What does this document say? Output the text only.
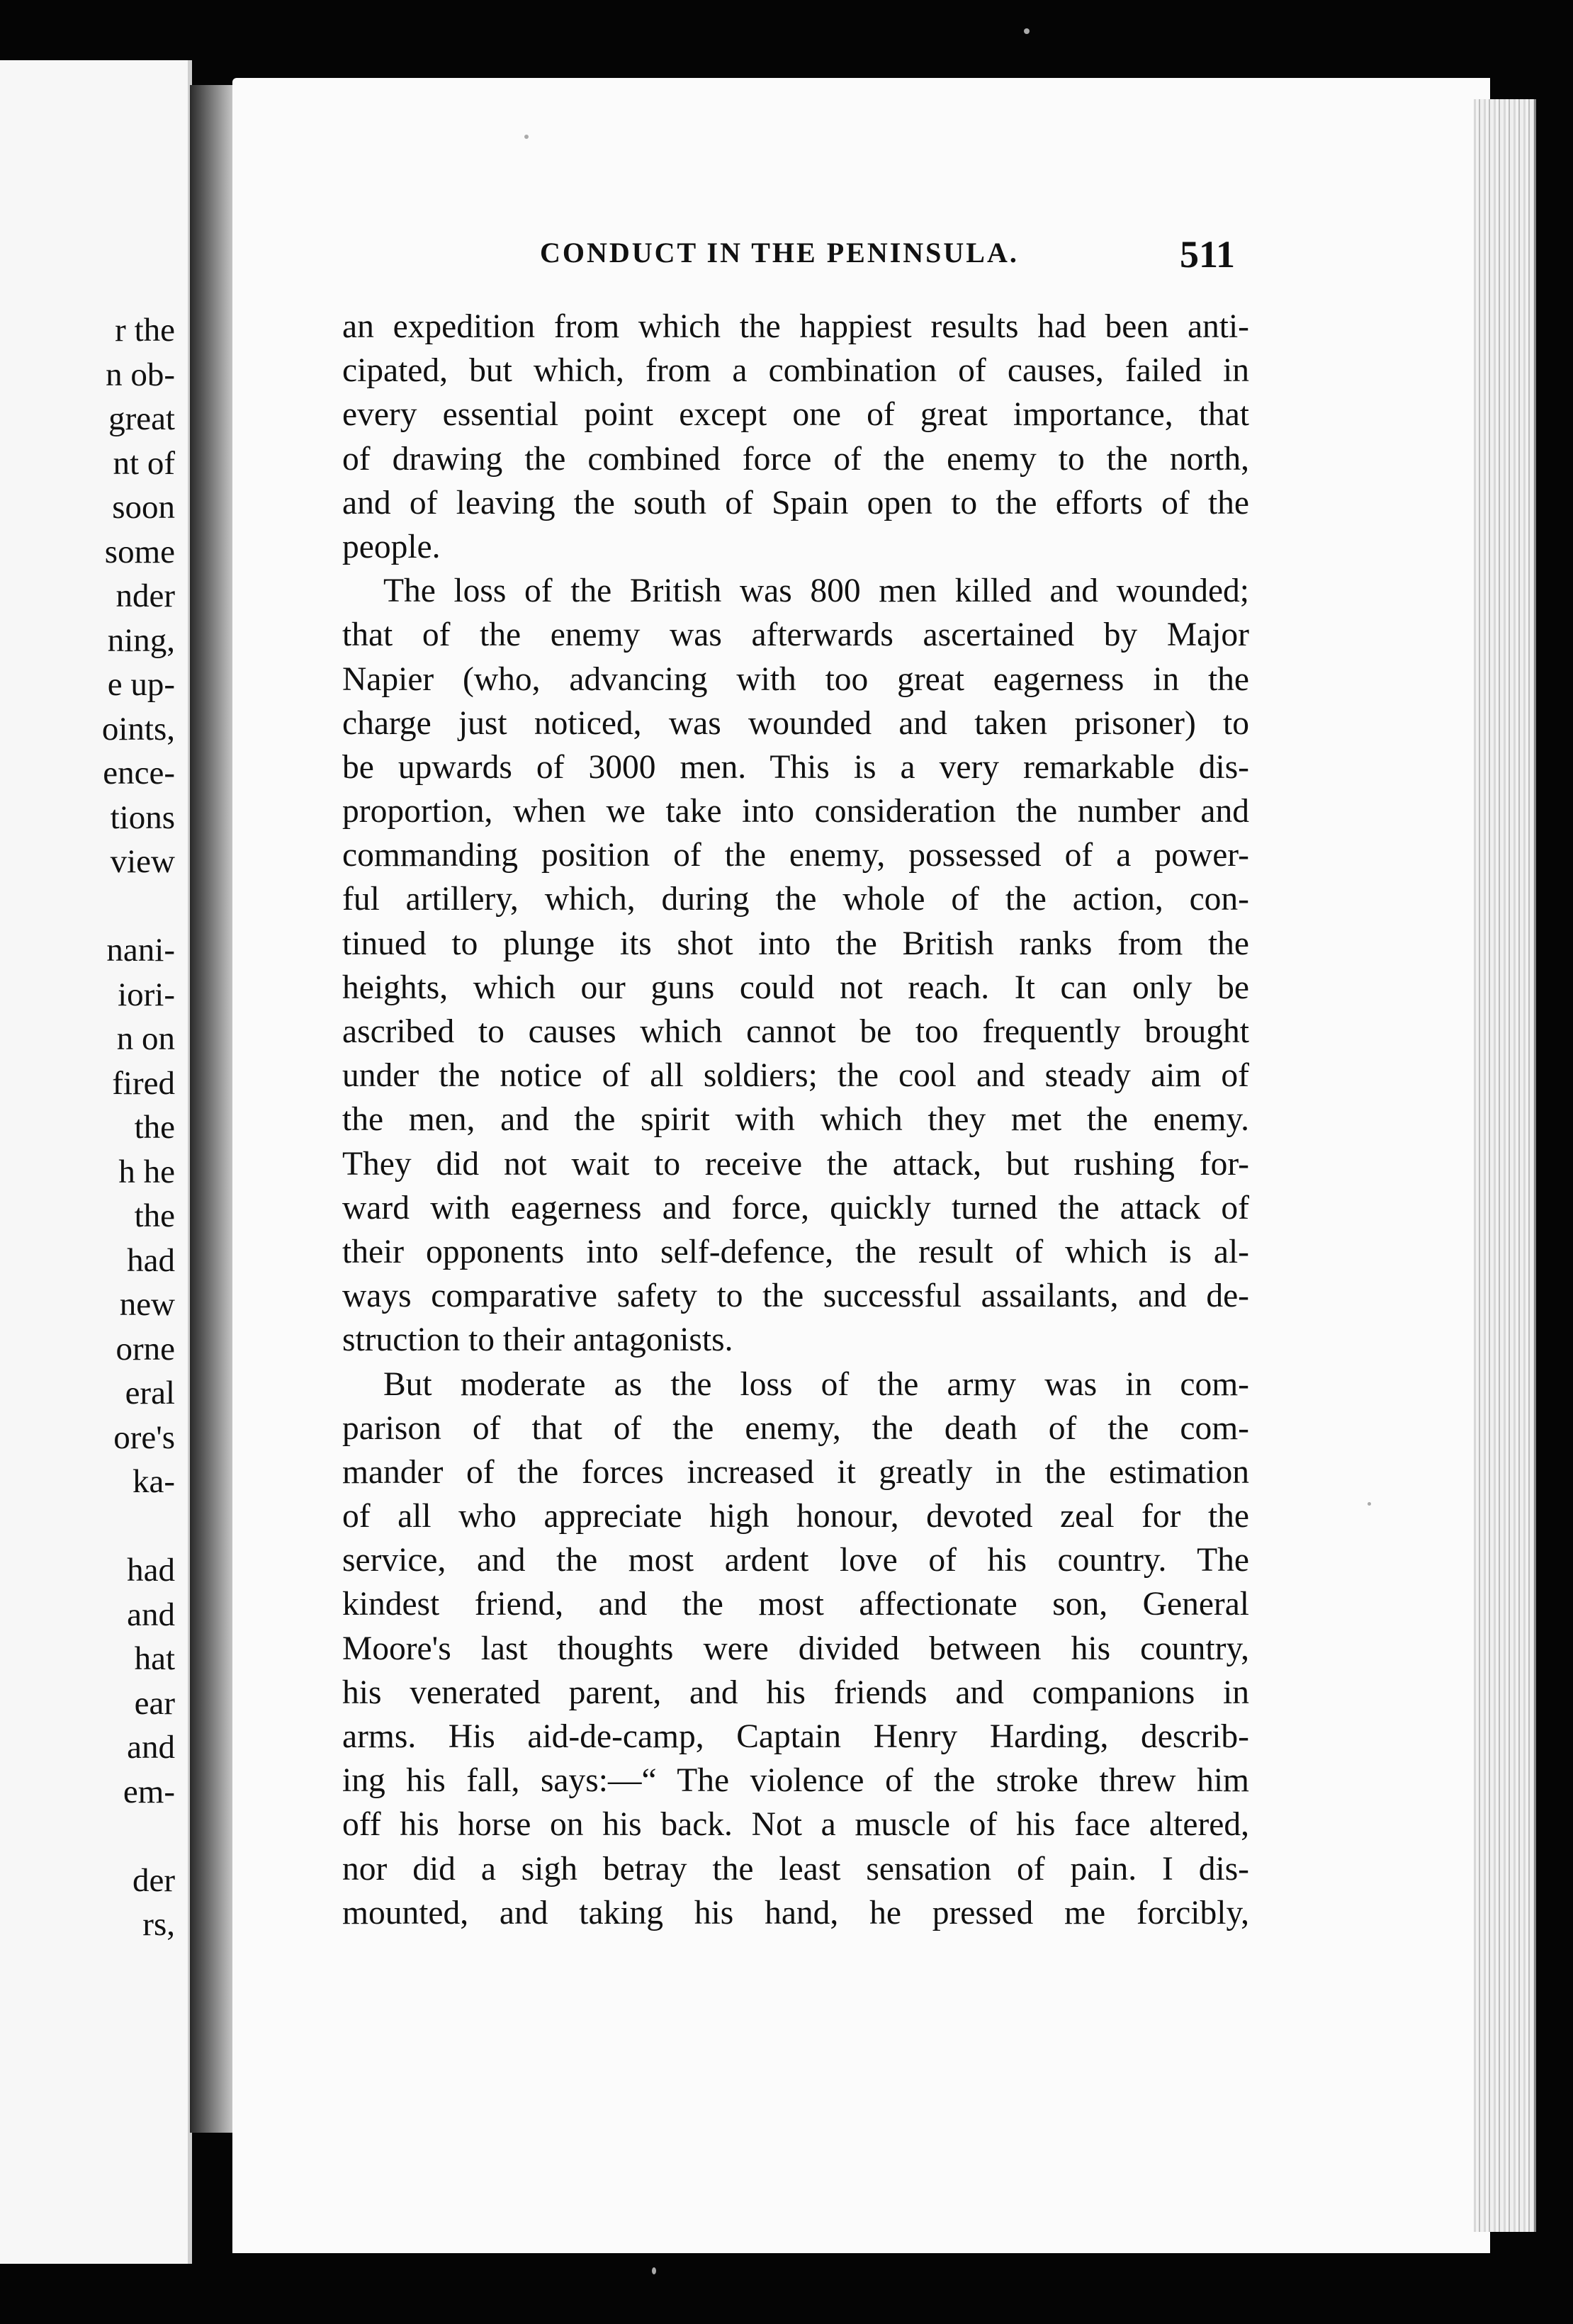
r the
n ob-
great
nt of
soon
some
nder
ning,
e up-
oints,
ence-
tions
view
nani-
iori-
n on
fired
the
h he
the
had
new
orne
eral
ore's
ka-
had
and
hat
ear
and
em-
der
rs,
CONDUCT IN THE PENINSULA.	511
an expedition from which the happiest results had been anti-
cipated, but which, from a combination of causes, failed in
every essential point except one of great importance, that
of drawing the combined force of the enemy to the north,
and of leaving the south of Spain open to the efforts of the
people.
The loss of the British was 800 men killed and wounded;
that of the enemy was afterwards ascertained by Major
Napier (who, advancing with too great eagerness in the
charge just noticed, was wounded and taken prisoner) to
be upwards of 3000 men. This is a very remarkable dis-
proportion, when we take into consideration the number and
commanding position of the enemy, possessed of a power-
ful artillery, which, during the whole of the action, con-
tinued to plunge its shot into the British ranks from the
heights, which our guns could not reach. It can only be
ascribed to causes which cannot be too frequently brought
under the notice of all soldiers; the cool and steady aim of
the men, and the spirit with which they met the enemy.
They did not wait to receive the attack, but rushing for-
ward with eagerness and force, quickly turned the attack of
their opponents into self-defence, the result of which is al-
ways comparative safety to the successful assailants, and de-
struction to their antagonists.
But moderate as the loss of the army was in com-
parison of that of the enemy, the death of the com-
mander of the forces increased it greatly in the estimation
of all who appreciate high honour, devoted zeal for the
service, and the most ardent love of his country. The
kindest friend, and the most affectionate son, General
Moore's last thoughts were divided between his country,
his venerated parent, and his friends and companions in
arms. His aid-de-camp, Captain Henry Harding, describ-
ing his fall, says:—“ The violence of the stroke threw him
off his horse on his back. Not a muscle of his face altered,
nor did a sigh betray the least sensation of pain. I dis-
mounted, and taking his hand, he pressed me forcibly,
